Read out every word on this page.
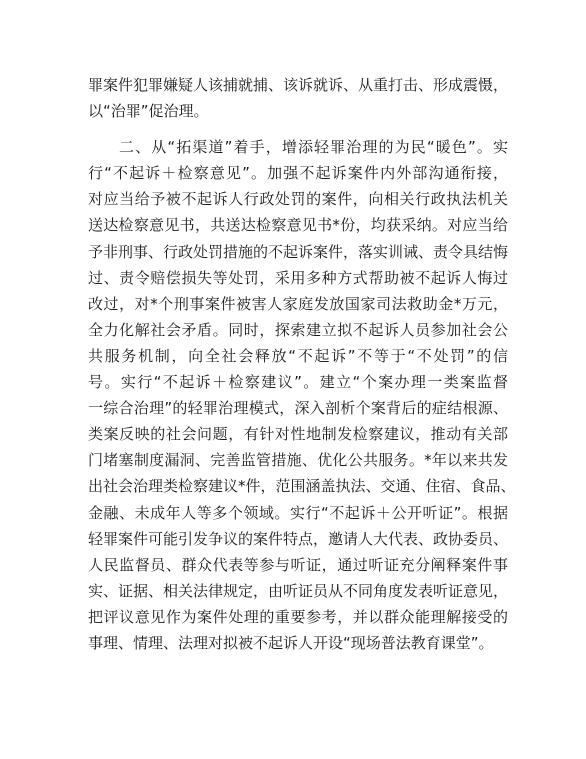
罪案件犯罪嫌疑人该捕就捕、该诉就诉、从重打击、形成震慑，
以“治罪”促治理。
二、从“拓渠道”着手，增添轻罪治理的为民“暖色”。实
行“不起诉＋检察意见”。加强不起诉案件内外部沟通衔接，
对应当给予被不起诉人行政处罚的案件，向相关行政执法机关
送达检察意见书，共送达检察意见书*份，均获采纳。对应当给
予非刑事、行政处罚措施的不起诉案件，落实训诫、责令具结悔
过、责令赔偿损失等处罚，采用多种方式帮助被不起诉人悔过
改过，对*个刑事案件被害人家庭发放国家司法救助金*万元，
全力化解社会矛盾。同时，探索建立拟不起诉人员参加社会公
共服务机制，向全社会释放“不起诉”不等于“不处罚”的信
号。实行“不起诉＋检察建议”。建立“个案办理一类案监督
一综合治理”的轻罪治理模式，深入剖析个案背后的症结根源、
类案反映的社会问题，有针对性地制发检察建议，推动有关部
门堵塞制度漏洞、完善监管措施、优化公共服务。*年以来共发
出社会治理类检察建议*件，范围涵盖执法、交通、住宿、食品、
金融、未成年人等多个领域。实行“不起诉＋公开听证”。根据
轻罪案件可能引发争议的案件特点，邀请人大代表、政协委员、
人民监督员、群众代表等参与听证，通过听证充分阐释案件事
实、证据、相关法律规定，由听证员从不同角度发表听证意见，
把评议意见作为案件处理的重要参考，并以群众能理解接受的
事理、情理、法理对拟被不起诉人开设“现场普法教育课堂”。
